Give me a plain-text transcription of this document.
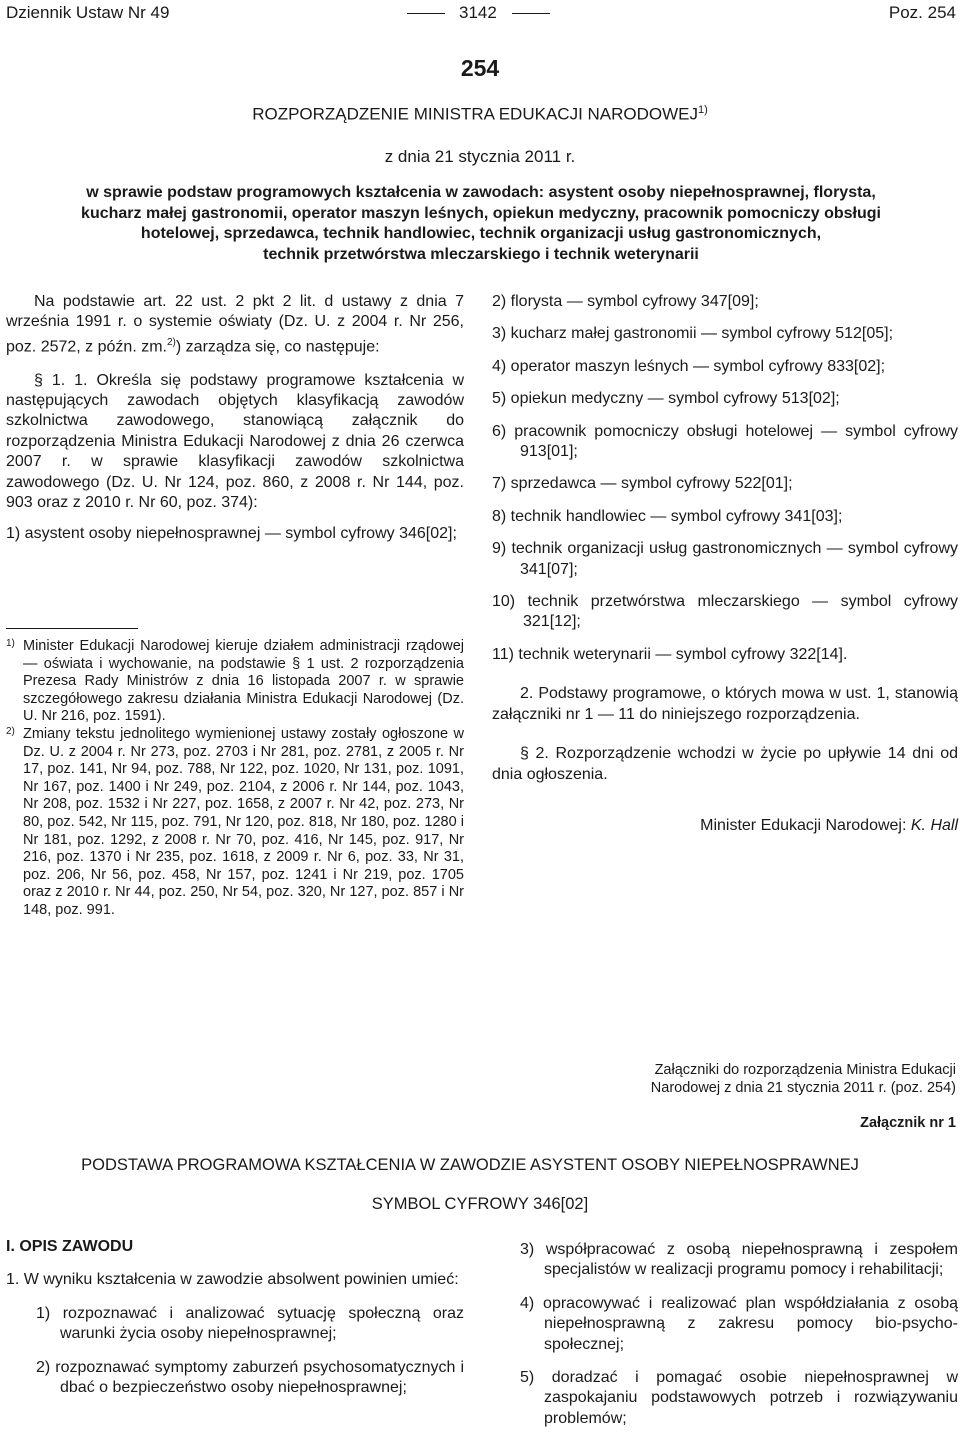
Dziennik Ustaw Nr 49	3142	Poz. 254
254
ROZPORZĄDZENIE MINISTRA EDUKACJI NARODOWEJ$^{1)}$
z dnia 21 stycznia 2011 r.
w sprawie podstaw programowych kształcenia w zawodach: asystent osoby niepełnosprawnej, florysta,
kucharz małej gastronomii, operator maszyn leśnych, opiekun medyczny, pracownik pomocniczy obsługi
hotelowej, sprzedawca, technik handlowiec, technik organizacji usług gastronomicznych,
technik przetwórstwa mleczarskiego i technik weterynarii

Na podstawie art. 22 ust. 2 pkt 2 lit. d ustawy z dnia 7 września 1991 r. o systemie oświaty (Dz. U. z 2004 r. Nr 256, poz. 2572, z późn. zm.$^{2)}$) zarządza się, co następuje:

§ 1. 1. Określa się podstawy programowe kształcenia w następujących zawodach objętych klasyfikacją zawodów szkolnictwa zawodowego, stanowiącą załącznik do rozporządzenia Ministra Edukacji Narodowej z dnia 26 czerwca 2007 r. w sprawie klasyfikacji zawodów szkolnictwa zawodowego (Dz. U. Nr 124, poz. 860, z 2008 r. Nr 144, poz. 903 oraz z 2010 r. Nr 60, poz. 374):

1) asystent osoby niepełnosprawnej — symbol cyfrowy 346[02];

1) Minister Edukacji Narodowej kieruje działem administracji rządowej — oświata i wychowanie, na podstawie § 1 ust. 2 rozporządzenia Prezesa Rady Ministrów z dnia 16 listopada 2007 r. w sprawie szczegółowego zakresu działania Ministra Edukacji Narodowej (Dz. U. Nr 216, poz. 1591).
2) Zmiany tekstu jednolitego wymienionej ustawy zostały ogłoszone w Dz. U. z 2004 r. Nr 273, poz. 2703 i Nr 281, poz. 2781, z 2005 r. Nr 17, poz. 141, Nr 94, poz. 788, Nr 122, poz. 1020, Nr 131, poz. 1091, Nr 167, poz. 1400 i Nr 249, poz. 2104, z 2006 r. Nr 144, poz. 1043, Nr 208, poz. 1532 i Nr 227, poz. 1658, z 2007 r. Nr 42, poz. 273, Nr 80, poz. 542, Nr 115, poz. 791, Nr 120, poz. 818, Nr 180, poz. 1280 i Nr 181, poz. 1292, z 2008 r. Nr 70, poz. 416, Nr 145, poz. 917, Nr 216, poz. 1370 i Nr 235, poz. 1618, z 2009 r. Nr 6, poz. 33, Nr 31, poz. 206, Nr 56, poz. 458, Nr 157, poz. 1241 i Nr 219, poz. 1705 oraz z 2010 r. Nr 44, poz. 250, Nr 54, poz. 320, Nr 127, poz. 857 i Nr 148, poz. 991.

2) florysta — symbol cyfrowy 347[09];

3) kucharz małej gastronomii — symbol cyfrowy 512[05];

4) operator maszyn leśnych — symbol cyfrowy 833[02];

5) opiekun medyczny — symbol cyfrowy 513[02];

6) pracownik pomocniczy obsługi hotelowej — symbol cyfrowy 913[01];

7) sprzedawca — symbol cyfrowy 522[01];

8) technik handlowiec — symbol cyfrowy 341[03];

9) technik organizacji usług gastronomicznych — symbol cyfrowy 341[07];

10) technik przetwórstwa mleczarskiego — symbol cyfrowy 321[12];

11) technik weterynarii — symbol cyfrowy 322[14].

2. Podstawy programowe, o których mowa w ust. 1, stanowią załączniki nr 1 — 11 do niniejszego rozporządzenia.

§ 2. Rozporządzenie wchodzi w życie po upływie 14 dni od dnia ogłoszenia.

Minister Edukacji Narodowej: K. Hall

Załączniki do rozporządzenia Ministra Edukacji
Narodowej z dnia 21 stycznia 2011 r. (poz. 254)
Załącznik nr 1
PODSTAWA PROGRAMOWA KSZTAŁCENIA W ZAWODZIE ASYSTENT OSOBY NIEPEŁNOSPRAWNEJ
SYMBOL CYFROWY 346[02]

I. OPIS ZAWODU

1. W wyniku kształcenia w zawodzie absolwent powinien umieć:

1) rozpoznawać i analizować sytuację społeczną oraz warunki życia osoby niepełnosprawnej;

2) rozpoznawać symptomy zaburzeń psychosomatycznych i dbać o bezpieczeństwo osoby niepełnosprawnej;

3) współpracować z osobą niepełnosprawną i zespołem specjalistów w realizacji programu pomocy i rehabilitacji;

4) opracowywać i realizować plan współdziałania z osobą niepełnosprawną z zakresu pomocy bio-psycho-społecznej;

5) doradzać i pomagać osobie niepełnosprawnej w zaspokajaniu podstawowych potrzeb i rozwiązywaniu problemów;
